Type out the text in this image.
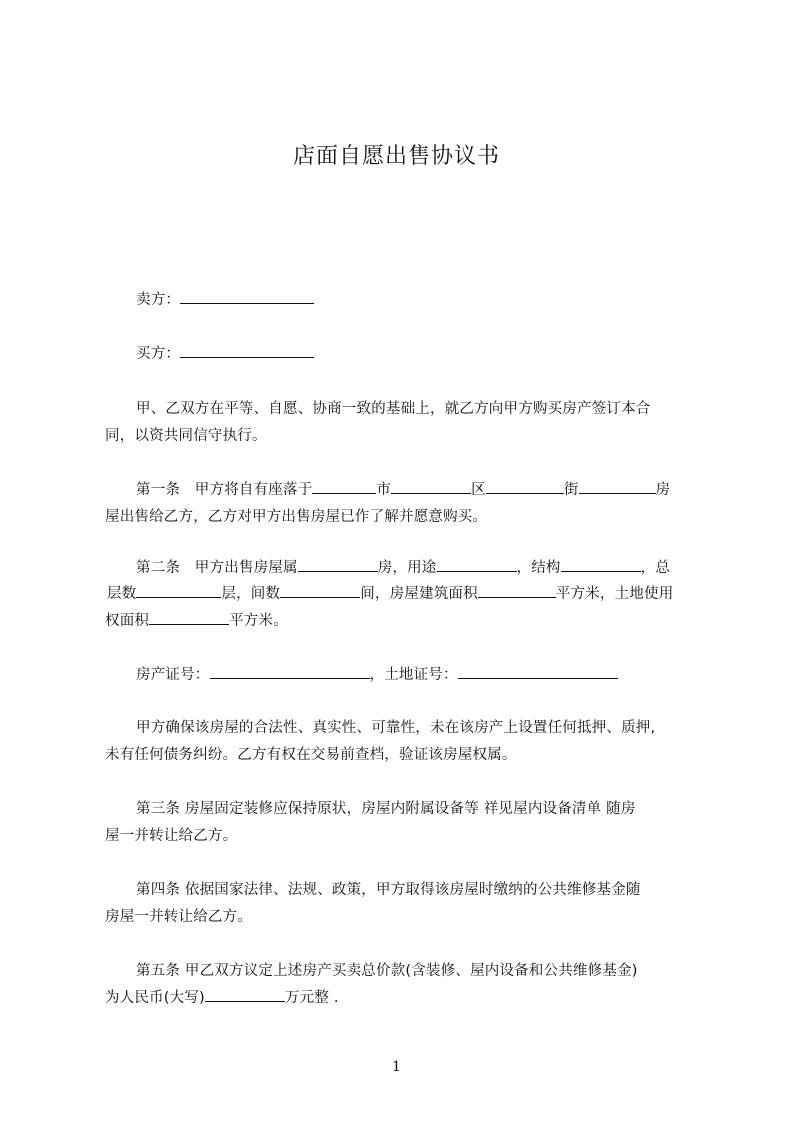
店面自愿出售协议书
卖方：
买方：
甲、乙双方在平等、自愿、协商一致的基础上，就乙方向甲方购买房产签订本合
同，以资共同信守执行。
第一条　甲方将自有座落于	市	区	街	房
屋出售给乙方，乙方对甲方出售房屋已作了解并愿意购买。
第二条　甲方出售房屋属	房，用途	，结构	，总
层数	层，间数	间，房屋建筑面积	平方米，土地使用
权面积	平方米。
房产证号：	，土地证号：
甲方确保该房屋的合法性、真实性、可靠性，未在该房产上设置任何抵押、质押,
未有任何债务纠纷。乙方有权在交易前查档，验证该房屋权属。
第三条 房屋固定装修应保持原状，房屋内附属设备等 祥见屋内设备清单 随房
屋一并转让给乙方。
第四条 依据国家法律、法规、政策，甲方取得该房屋时缴纳的公共维修基金随
房屋一并转让给乙方。
第五条 甲乙双方议定上述房产买卖总价款(含装修、屋内设备和公共维修基金)
为人民币(大写)	万元整 .
1
